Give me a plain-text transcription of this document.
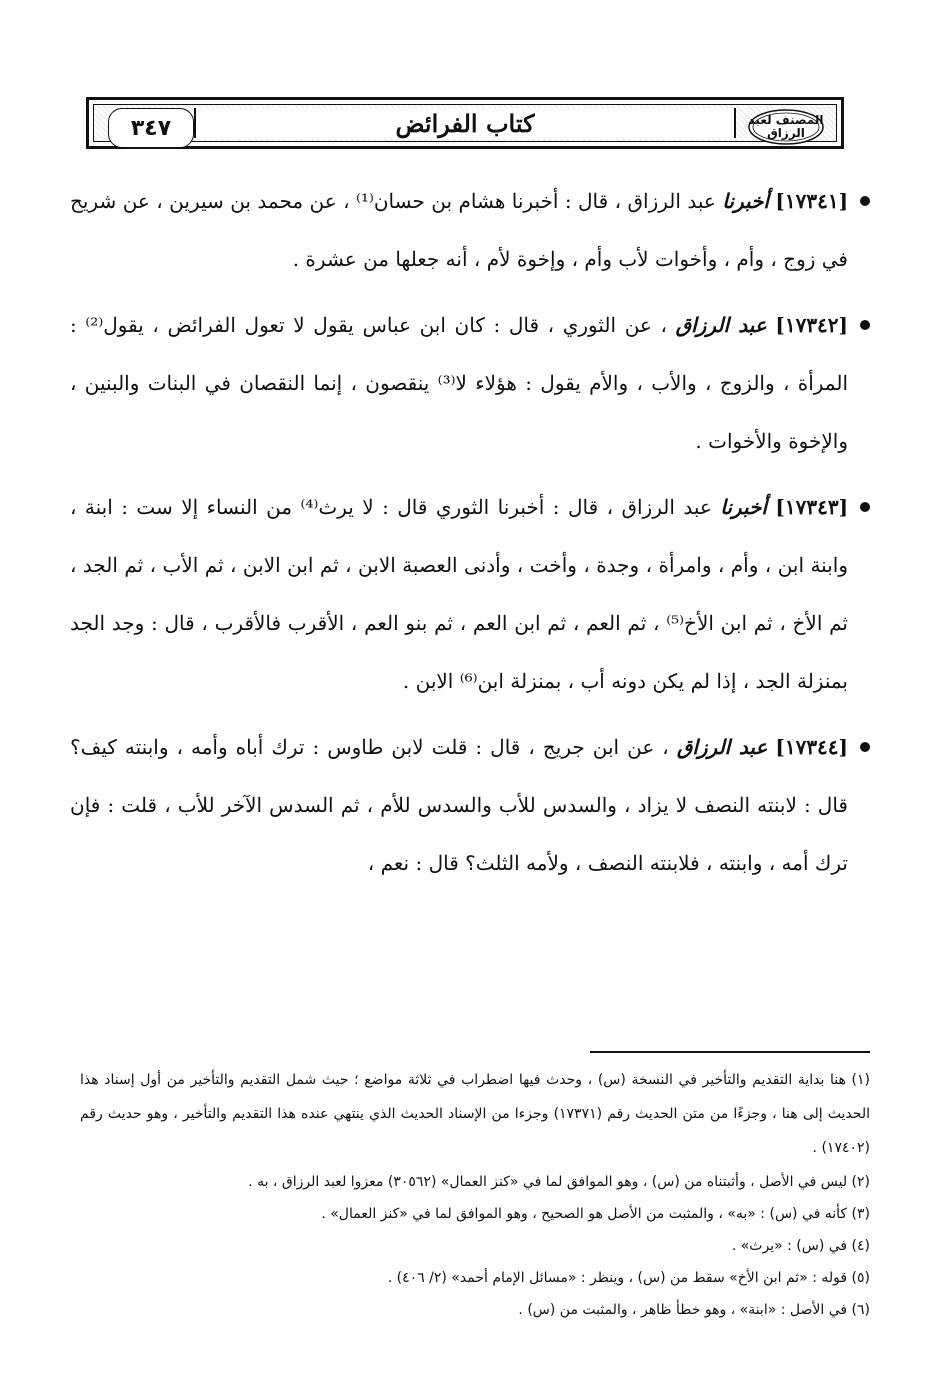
٣٤٧	كتاب الفرائض	المصنف لعبد الرزاق

[١٧٣٤١] أخبرنا عبد الرزاق ، قال : أخبرنا هشام بن حسان⁽¹⁾ ، عن محمد بن سيرين ، عن شريح في زوج ، وأم ، وأخوات لأب وأم ، وإخوة لأم ، أنه جعلها من عشرة .

[١٧٣٤٢] عبد الرزاق ، عن الثوري ، قال : كان ابن عباس يقول لا تعول الفرائض ، يقول⁽²⁾ : المرأة ، والزوج ، والأب ، والأم يقول : هؤلاء لا⁽³⁾ ينقصون ، إنما النقصان في البنات والبنين ، والإخوة والأخوات .

[١٧٣٤٣] أخبرنا عبد الرزاق ، قال : أخبرنا الثوري قال : لا يرث⁽⁴⁾ من النساء إلا ست : ابنة ، وابنة ابن ، وأم ، وامرأة ، وجدة ، وأخت ، وأدنى العصبة الابن ، ثم ابن الابن ، ثم الأب ، ثم الجد ، ثم الأخ ، ثم ابن الأخ⁽⁵⁾ ، ثم العم ، ثم ابن العم ، ثم بنو العم ، الأقرب فالأقرب ، قال : وجد الجد بمنزلة الجد ، إذا لم يكن دونه أب ، بمنزلة ابن⁽⁶⁾ الابن .

[١٧٣٤٤] عبد الرزاق ، عن ابن جريج ، قال : قلت لابن طاوس : ترك أباه وأمه ، وابنته كيف؟ قال : لابنته النصف لا يزاد ، والسدس للأب والسدس للأم ، ثم السدس الآخر للأب ، قلت : فإن ترك أمه ، وابنته ، فلابنته النصف ، ولأمه الثلث؟ قال : نعم ،

(١) هنا بداية التقديم والتأخير في النسخة (س) ، وحدث فيها اضطراب في ثلاثة مواضع ؛ حيث شمل التقديم والتأخير من أول إسناد هذا الحديث إلى هنا ، وجزءًا من متن الحديث رقم (١٧٣٧١) وجزءا من الإسناد الحديث الذي ينتهي عنده هذا التقديم والتأخير ، وهو حديث رقم (١٧٤٠٢) .

(٢) ليس في الأصل ، وأثبتناه من (س) ، وهو الموافق لما في «كنز العمال» (٣٠٥٦٢) معزوا لعبد الرزاق ، به .

(٣) كأنه في (س) : «به» ، والمثبت من الأصل هو الصحيح ، وهو الموافق لما في «كنز العمال» .

(٤) في (س) : «يرث» .

(٥) قوله : «ثم ابن الأخ» سقط من (س) ، وينظر : «مسائل الإمام أحمد» (٢/ ٤٠٦) .

(٦) في الأصل : «ابنة» ، وهو خطأ ظاهر ، والمثبت من (س) .
